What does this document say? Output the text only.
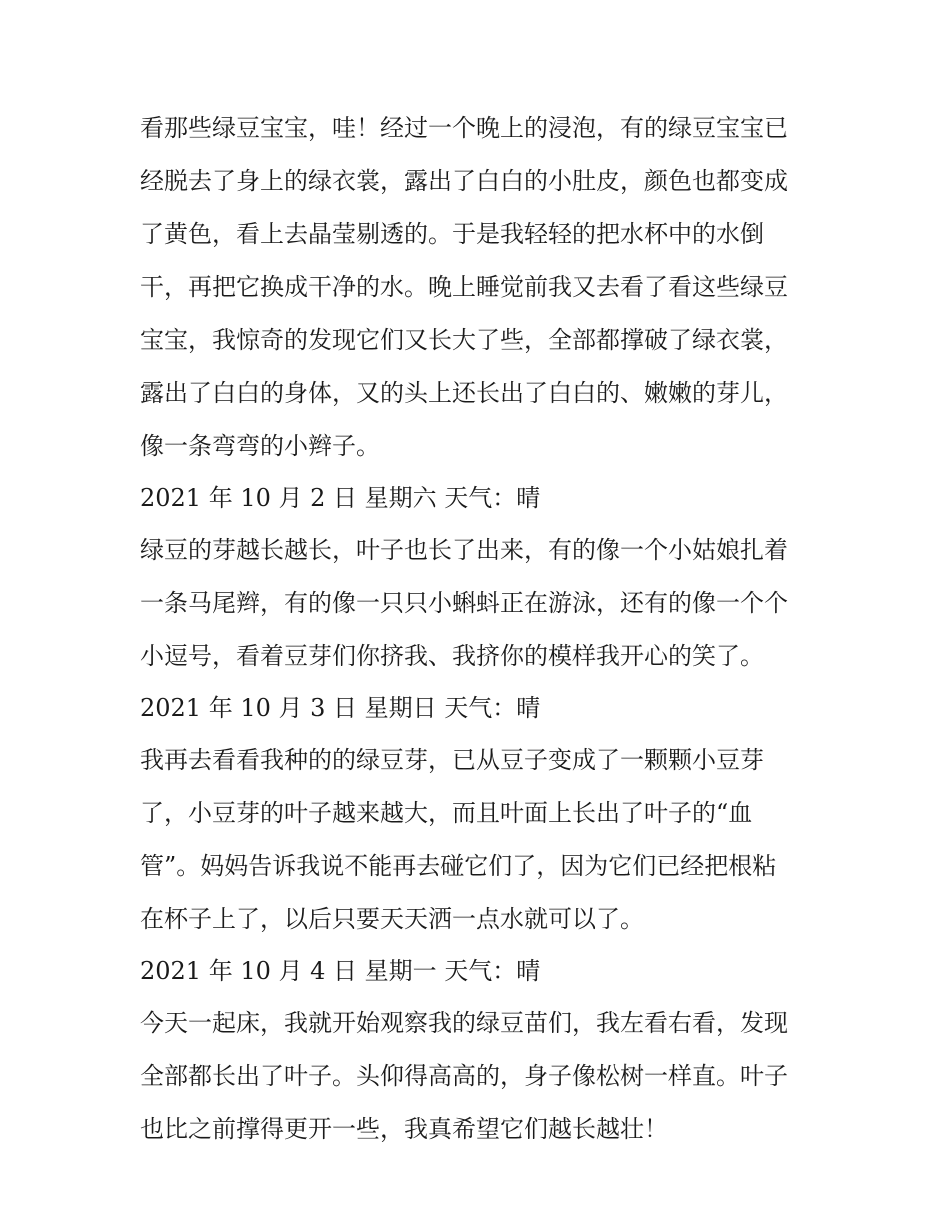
看那些绿豆宝宝，哇！经过一个晚上的浸泡，有的绿豆宝宝已
经脱去了身上的绿衣裳，露出了白白的小肚皮，颜色也都变成
了黄色，看上去晶莹剔透的。于是我轻轻的把水杯中的水倒
干，再把它换成干净的水。晚上睡觉前我又去看了看这些绿豆
宝宝，我惊奇的发现它们又长大了些，全部都撑破了绿衣裳，
露出了白白的身体，又的头上还长出了白白的、嫩嫩的芽儿，
像一条弯弯的小辫子。
2021 年 10 月 2 日 星期六 天气：晴
绿豆的芽越长越长，叶子也长了出来，有的像一个小姑娘扎着
一条马尾辫，有的像一只只小蝌蚪正在游泳，还有的像一个个
小逗号，看着豆芽们你挤我、我挤你的模样我开心的笑了。
2021 年 10 月 3 日 星期日 天气：晴
我再去看看我种的的绿豆芽，已从豆子变成了一颗颗小豆芽
了，小豆芽的叶子越来越大，而且叶面上长出了叶子的“血
管”。妈妈告诉我说不能再去碰它们了，因为它们已经把根粘
在杯子上了，以后只要天天洒一点水就可以了。
2021 年 10 月 4 日 星期一 天气：晴
今天一起床，我就开始观察我的绿豆苗们，我左看右看，发现
全部都长出了叶子。头仰得高高的，身子像松树一样直。叶子
也比之前撑得更开一些，我真希望它们越长越壮！
